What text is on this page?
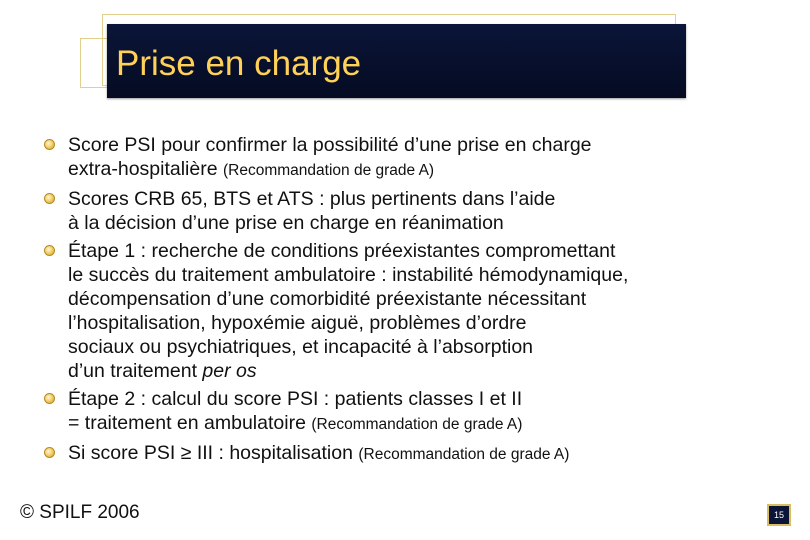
Prise en charge
Score PSI pour confirmer la possibilité d’une prise en charge
extra-hospitalière (Recommandation de grade A)
Scores CRB 65, BTS et ATS : plus pertinents dans l’aide
à la décision d’une prise en charge en réanimation
Étape 1 : recherche de conditions préexistantes compromettant
le succès du traitement ambulatoire : instabilité hémodynamique,
décompensation d’une comorbidité préexistante nécessitant
l’hospitalisation, hypoxémie aiguë, problèmes d’ordre
sociaux ou psychiatriques, et incapacité à l’absorption
d’un traitement per os
Étape 2 : calcul du score PSI : patients classes I et II
= traitement en ambulatoire (Recommandation de grade A)
Si score PSI ≥ III : hospitalisation (Recommandation de grade A)
© SPILF 2006	15
